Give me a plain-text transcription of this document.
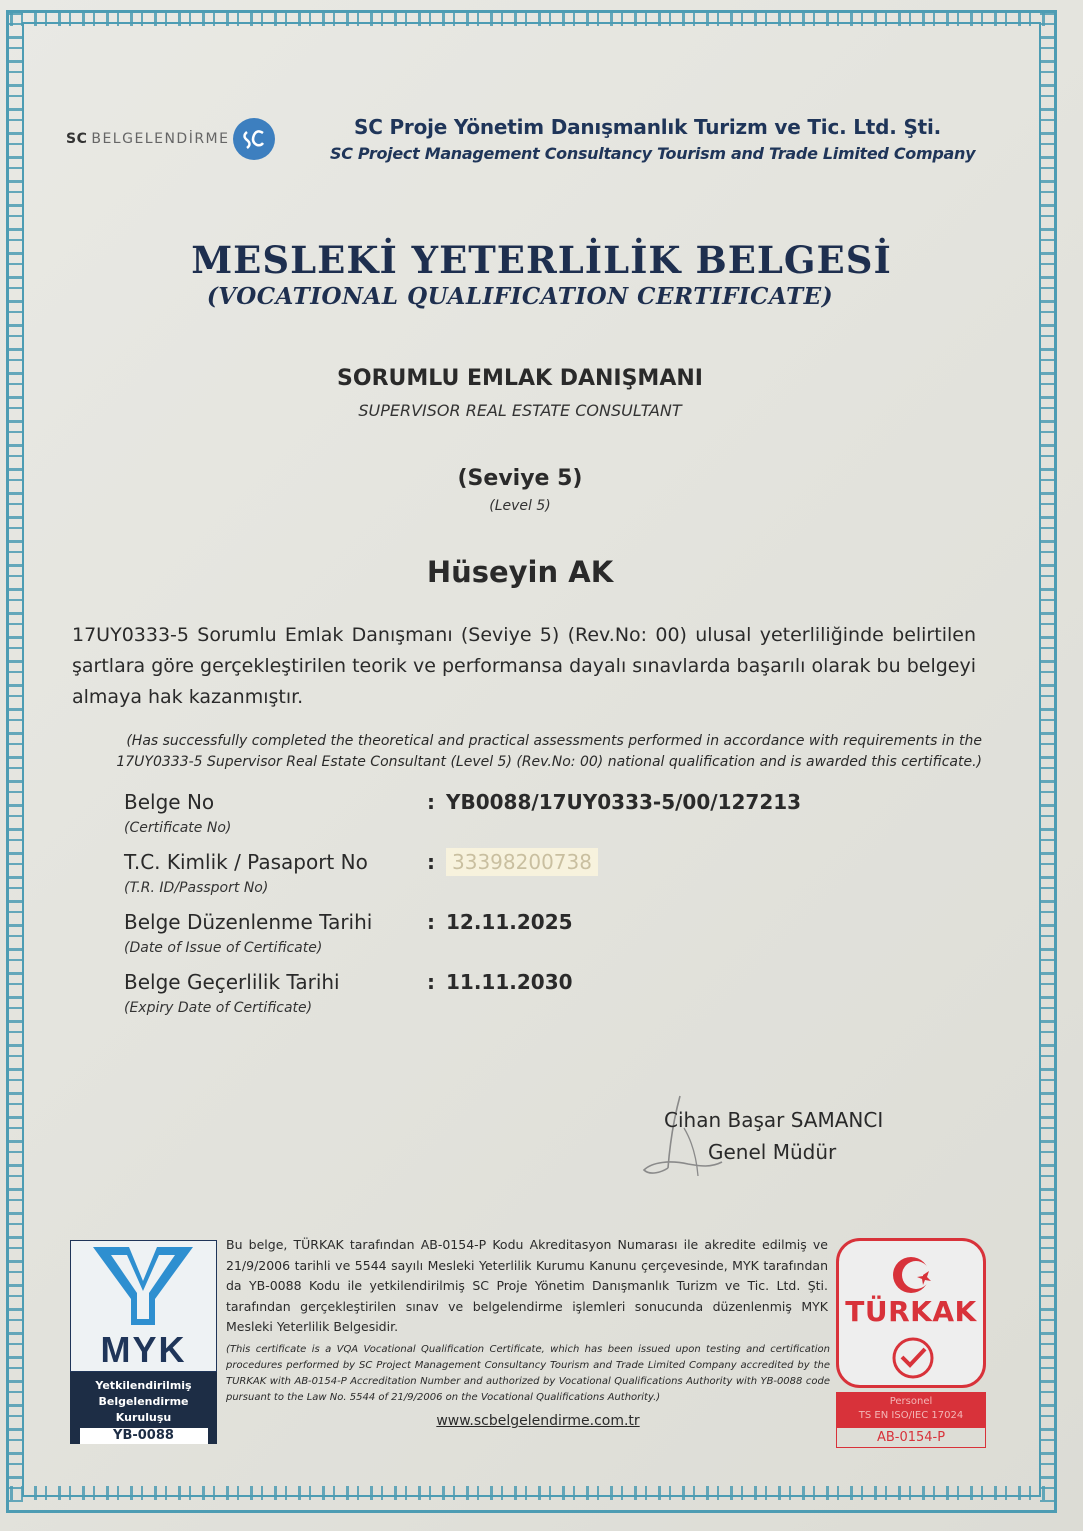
SC BELGELENDİRME	SC Proje Yönetim Danışmanlık Turizm ve Tic. Ltd. Şti.
SC Project Management Consultancy Tourism and Trade Limited Company
MESLEKİ YETERLİLİK BELGESİ
(VOCATIONAL QUALIFICATION CERTIFICATE)
SORUMLU EMLAK DANIŞMANI
SUPERVISOR REAL ESTATE CONSULTANT
(Seviye 5)
(Level 5)
Hüseyin AK
17UY0333-5 Sorumlu Emlak Danışmanı (Seviye 5) (Rev.No: 00) ulusal yeterliliğinde belirtilen şartlara göre gerçekleştirilen teorik ve performansa dayalı sınavlarda başarılı olarak bu belgeyi almaya hak kazanmıştır.
(Has successfully completed the theoretical and practical assessments performed in accordance with requirements in the 17UY0333-5 Supervisor Real Estate Consultant (Level 5) (Rev.No: 00) national qualification and is awarded this certificate.)
Belge No
(Certificate No)
: YB0088/17UY0333-5/00/127213
T.C. Kimlik / Pasaport No
(T.R. ID/Passport No)
: 33398200738
Belge Düzenlenme Tarihi
(Date of Issue of Certificate)
: 12.11.2025
Belge Geçerlilik Tarihi
(Expiry Date of Certificate)
: 11.11.2030
Cihan Başar SAMANCI
Genel Müdür
MYK
Yetkilendirilmiş
Belgelendirme Kuruluşu
YB-0088
Bu belge, TÜRKAK tarafından AB-0154-P Kodu Akreditasyon Numarası ile akredite edilmiş ve 21/9/2006 tarihli ve 5544 sayılı Mesleki Yeterlilik Kurumu Kanunu çerçevesinde, MYK tarafından da YB-0088 Kodu ile yetkilendirilmiş SC Proje Yönetim Danışmanlık Turizm ve Tic. Ltd. Şti. tarafından gerçekleştirilen sınav ve belgelendirme işlemleri sonucunda düzenlenmiş MYK Mesleki Yeterlilik Belgesidir.
(This certificate is a VQA Vocational Qualification Certificate, which has been issued upon testing and certification procedures performed by SC Project Management Consultancy Tourism and Trade Limited Company accredited by the TURKAK with AB-0154-P Accreditation Number and authorized by Vocational Qualifications Authority with YB-0088 code pursuant to the Law No. 5544 of 21/9/2006 on the Vocational Qualifications Authority.)
www.scbelgelendirme.com.tr
TÜRKAK
Personel
TS EN ISO/IEC 17024
AB-0154-P
